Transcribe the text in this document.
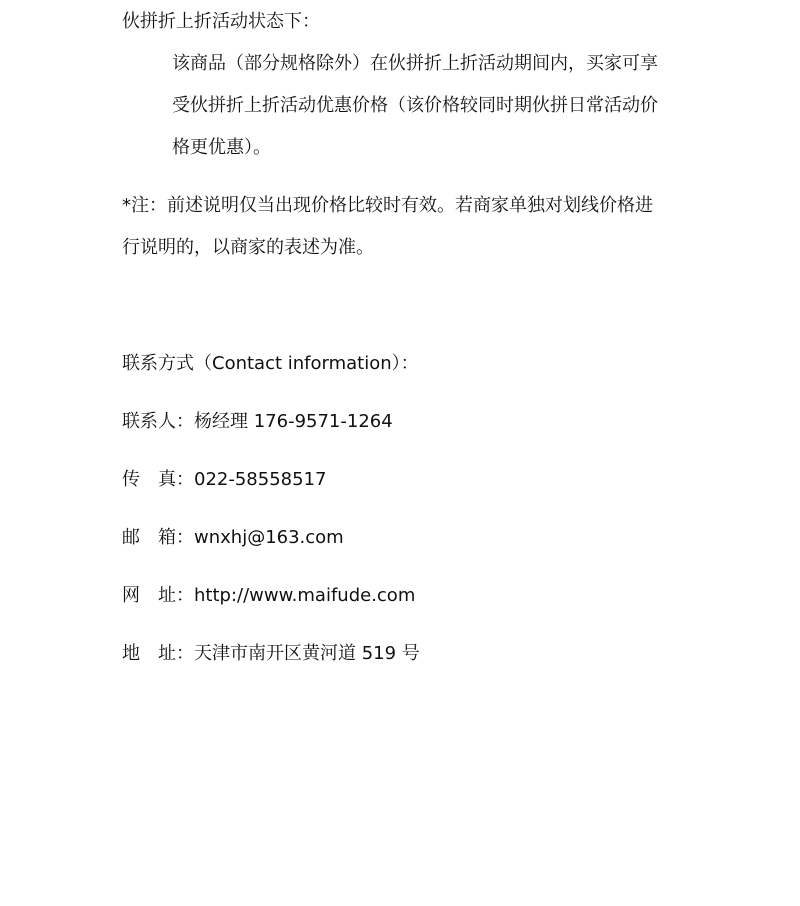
伙拼折上折活动状态下：
该商品（部分规格除外）在伙拼折上折活动期间内，买家可享
受伙拼折上折活动优惠价格（该价格较同时期伙拼日常活动价
格更优惠）。
*注：前述说明仅当出现价格比较时有效。若商家单独对划线价格进
行说明的，以商家的表述为准。
联系方式（Contact information）：
联系人：杨经理 176-9571-1264
传　真：022-58558517
邮　箱：wnxhj@163.com
网　址：http://www.maifude.com
地　址：天津市南开区黄河道 519 号
